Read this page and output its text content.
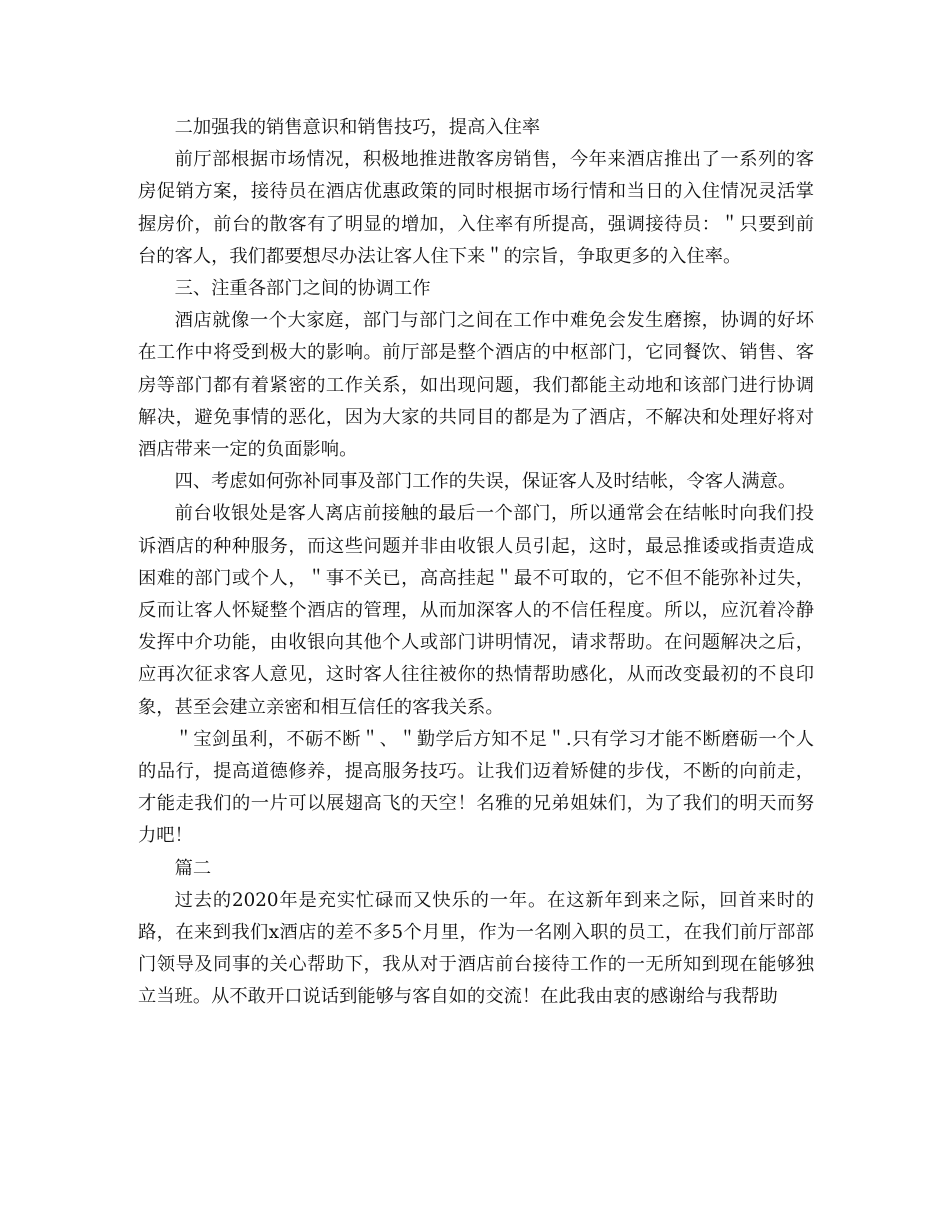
二加强我的销售意识和销售技巧，提高入住率

前厅部根据市场情况，积极地推进散客房销售，今年来酒店推出了一系列的客房促销方案，接待员在酒店优惠政策的同时根据市场行情和当日的入住情况灵活掌握房价，前台的散客有了明显的增加，入住率有所提高，强调接待员：＂只要到前台的客人，我们都要想尽办法让客人住下来＂的宗旨，争取更多的入住率。

三、注重各部门之间的协调工作

酒店就像一个大家庭，部门与部门之间在工作中难免会发生磨擦，协调的好坏在工作中将受到极大的影响。前厅部是整个酒店的中枢部门，它同餐饮、销售、客房等部门都有着紧密的工作关系，如出现问题，我们都能主动地和该部门进行协调解决，避免事情的恶化，因为大家的共同目的都是为了酒店，不解决和处理好将对酒店带来一定的负面影响。

四、考虑如何弥补同事及部门工作的失误，保证客人及时结帐，令客人满意。

前台收银处是客人离店前接触的最后一个部门，所以通常会在结帐时向我们投诉酒店的种种服务，而这些问题并非由收银人员引起，这时，最忌推诿或指责造成困难的部门或个人，＂事不关已，高高挂起＂最不可取的，它不但不能弥补过失，反而让客人怀疑整个酒店的管理，从而加深客人的不信任程度。所以，应沉着冷静发挥中介功能，由收银向其他个人或部门讲明情况，请求帮助。在问题解决之后，应再次征求客人意见，这时客人往往被你的热情帮助感化，从而改变最初的不良印象，甚至会建立亲密和相互信任的客我关系。

＂宝剑虽利，不砺不断＂、＂勤学后方知不足＂.只有学习才能不断磨砺一个人的品行，提高道德修养，提高服务技巧。让我们迈着矫健的步伐，不断的向前走，才能走我们的一片可以展翅高飞的天空！名雅的兄弟姐妹们，为了我们的明天而努力吧！

篇二

过去的2020年是充实忙碌而又快乐的一年。在这新年到来之际，回首来时的路，在来到我们x酒店的差不多5个月里，作为一名刚入职的员工，在我们前厅部部门领导及同事的关心帮助下，我从对于酒店前台接待工作的一无所知到现在能够独立当班。从不敢开口说话到能够与客自如的交流！在此我由衷的感谢给与我帮助
